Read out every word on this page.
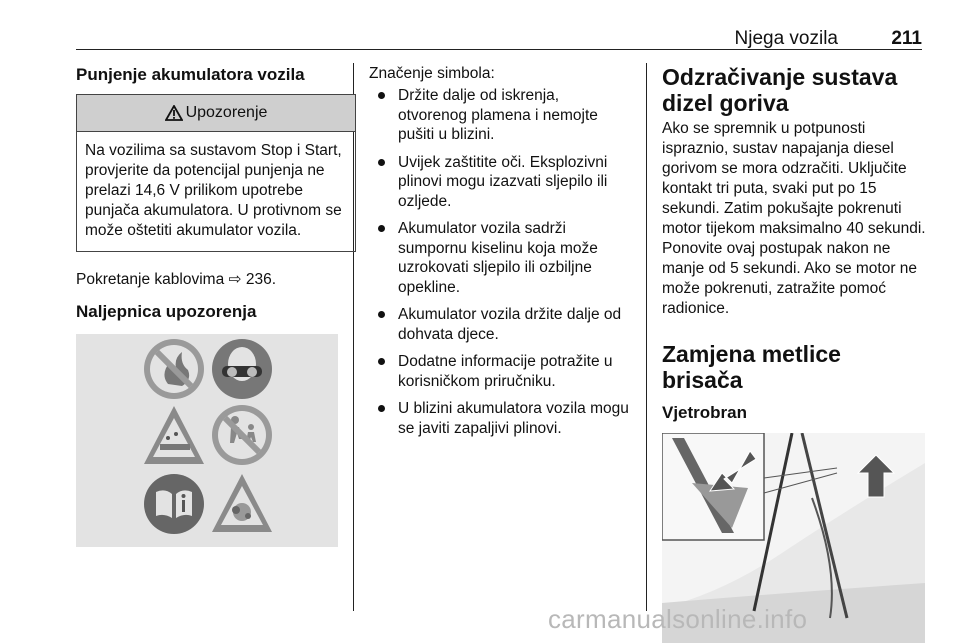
Njega vozila	211
Punjenje akumulatora vozila
Upozorenje
Na vozilima sa sustavom Stop i Start, provjerite da potencijal punjenja ne prelazi 14,6 V prilikom upotrebe punjača akumulatora. U protivnom se može oštetiti akumulator vozila.

Pokretanje kablovima ⇨ 236.

Naljepnica upozorenja

Značenje simbola:

Držite dalje od iskrenja, otvorenog plamena i nemojte pušiti u blizini.
Uvijek zaštitite oči. Eksplozivni plinovi mogu izazvati sljepilo ili ozljede.
Akumulator vozila sadrži sumpornu kiselinu koja može uzrokovati sljepilo ili ozbiljne opekline.
Akumulator vozila držite dalje od dohvata djece.
Dodatne informacije potražite u korisničkom priručniku.
U blizini akumulatora vozila mogu se javiti zapaljivi plinovi.
Odzračivanje sustava dizel goriva

Ako se spremnik u potpunosti ispraznio, sustav napajanja diesel gorivom se mora odzračiti. Uključite kontakt tri puta, svaki put po 15 sekundi. Zatim pokušajte pokrenuti motor tijekom maksimalno 40 sekundi. Ponovite ovaj postupak nakon ne manje od 5 sekundi. Ako se motor ne može pokrenuti, zatražite pomoć radionice.

Zamjena metlice brisača
Vjetrobran
carmanualsonline.info
